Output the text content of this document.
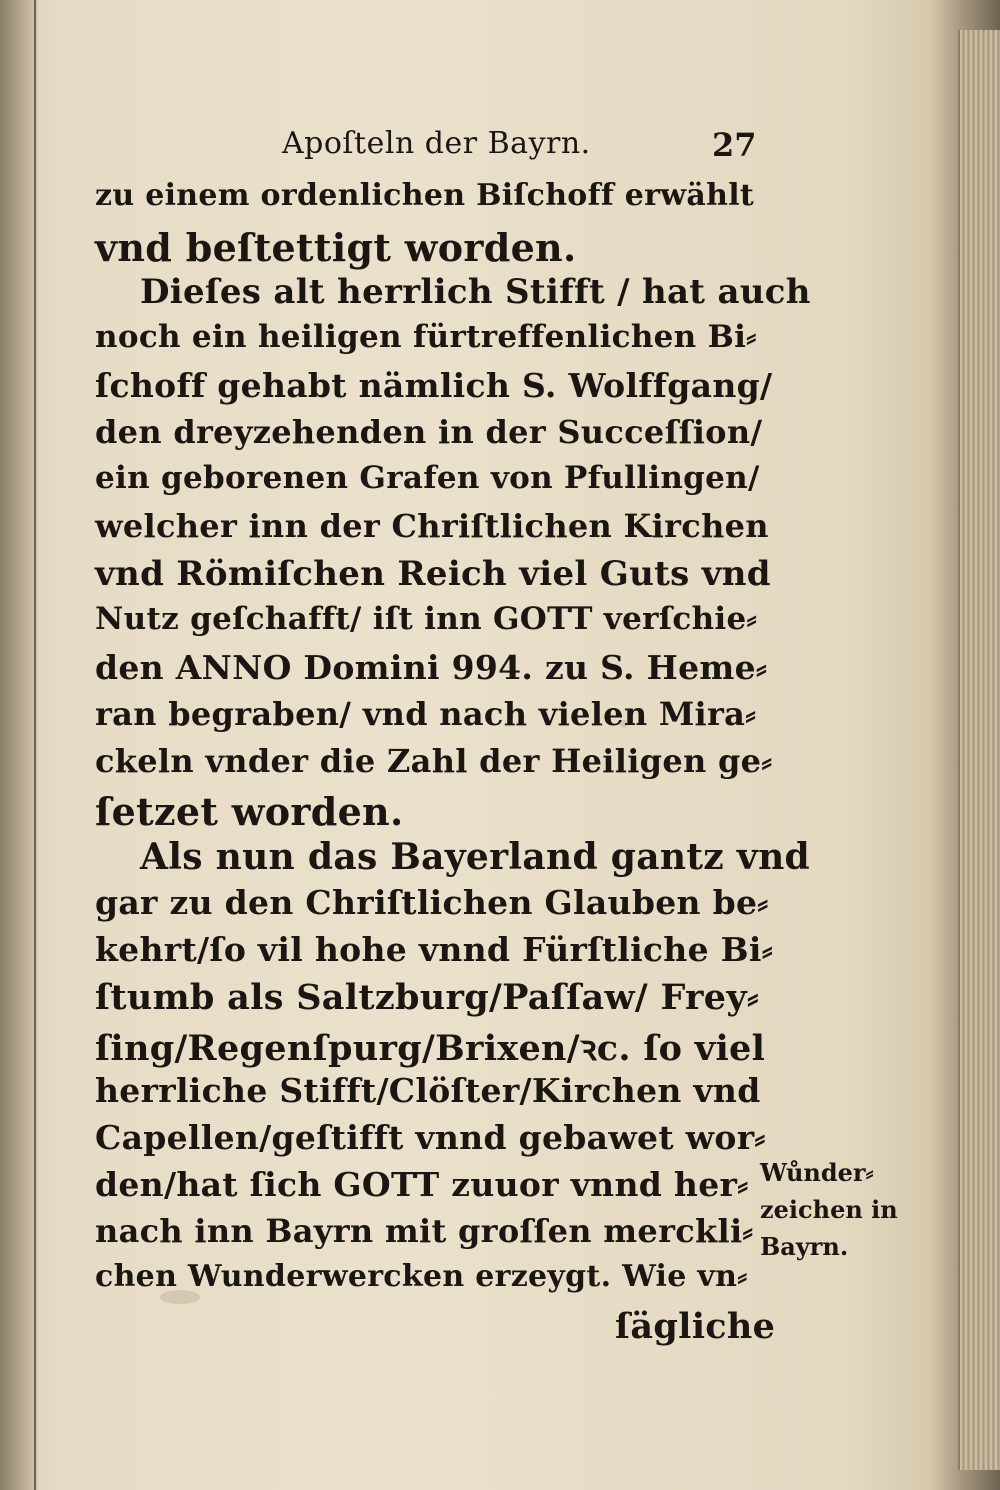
Apoſteln der Bayrn.	27
zu einem ordenlichen Biſchoff erwählt
vnd beſtettigt worden.
Dieſes alt herrlich Stifft / hat auch
noch ein heiligen fürtreffenlichen Bi⸗
ſchoff gehabt nämlich S. Wolffgang/
den dreyzehenden in der Succeſſion/
ein geborenen Grafen von Pfullingen/
welcher inn der Chriſtlichen Kirchen
vnd Römiſchen Reich viel Guts vnd
Nutz geſchafft/ iſt inn GOTT verſchie⸗
den ANNO Domini 994. zu S. Heme⸗
ran begraben/ vnd nach vielen Mira⸗
ckeln vnder die Zahl der Heiligen ge⸗
ſetzet worden.
Als nun das Bayerland gantz vnd
gar zu den Chriſtlichen Glauben be⸗
kehrt/ſo vil hohe vnnd Fürſtliche Bi⸗
ſtumb als Saltzburg/Paſſaw/ Frey⸗
ſing/Regenſpurg/Brixen/ꝛc. ſo viel
herrliche Stifft/Clöſter/Kirchen vnd
Capellen/geſtifft vnnd gebawet wor⸗
den/hat ſich GOTT zuuor vnnd her⸗
nach inn Bayrn mit groſſen merckli⸗
chen Wunderwercken erzeygt. Wie vn⸗
ſägliche
Wůnder⸗
zeichen in
Bayrn.
